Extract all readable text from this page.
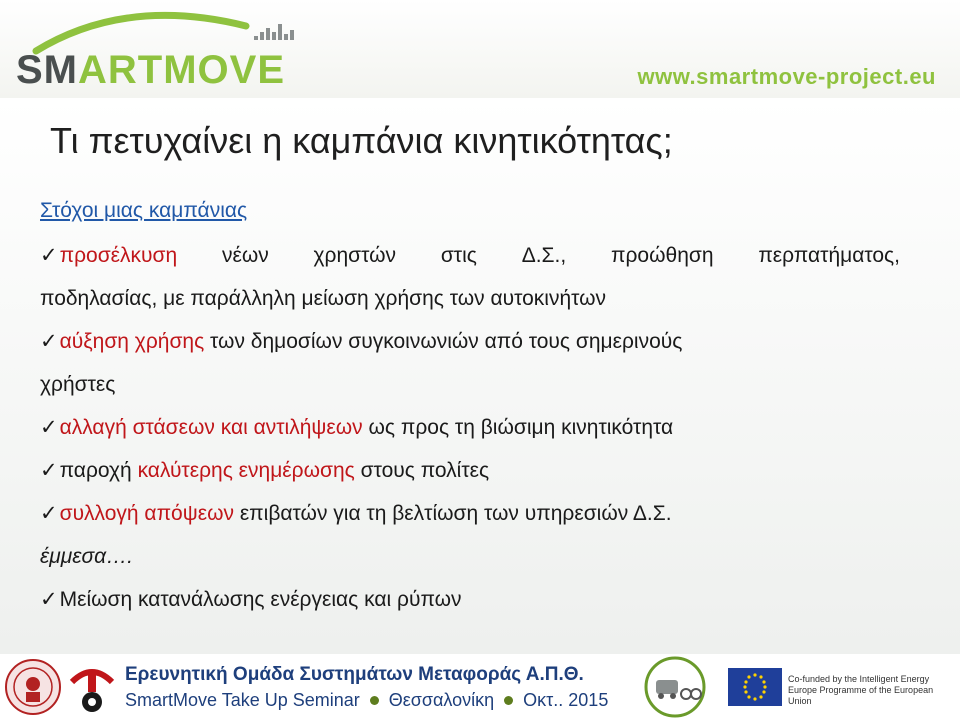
SMARTMOVE	www.smartmove-project.eu
Τι πετυχαίνει η καμπάνια κινητικότητας;
Στόχοι μιας καμπάνιας
✓προσέλκυση νέων χρηστών στις Δ.Σ., προώθηση περπατήματος,
ποδηλασίας, με παράλληλη μείωση χρήσης των αυτοκινήτων
✓αύξηση χρήσης των δημοσίων συγκοινωνιών από τους σημερινούς
χρήστες
✓αλλαγή στάσεων και αντιλήψεων ως προς τη βιώσιμη κινητικότητα
✓παροχή καλύτερης ενημέρωσης στους πολίτες
✓συλλογή απόψεων επιβατών για τη βελτίωση των υπηρεσιών Δ.Σ.
έμμεσα….
✓Μείωση κατανάλωσης ενέργειας και ρύπων
Ερευνητική Ομάδα Συστημάτων Μεταφοράς Α.Π.Θ.
SmartMove Take Up Seminar Θεσσαλονίκη Οκτ.. 2015
Co-funded by the Intelligent Energy Europe Programme of the European Union
